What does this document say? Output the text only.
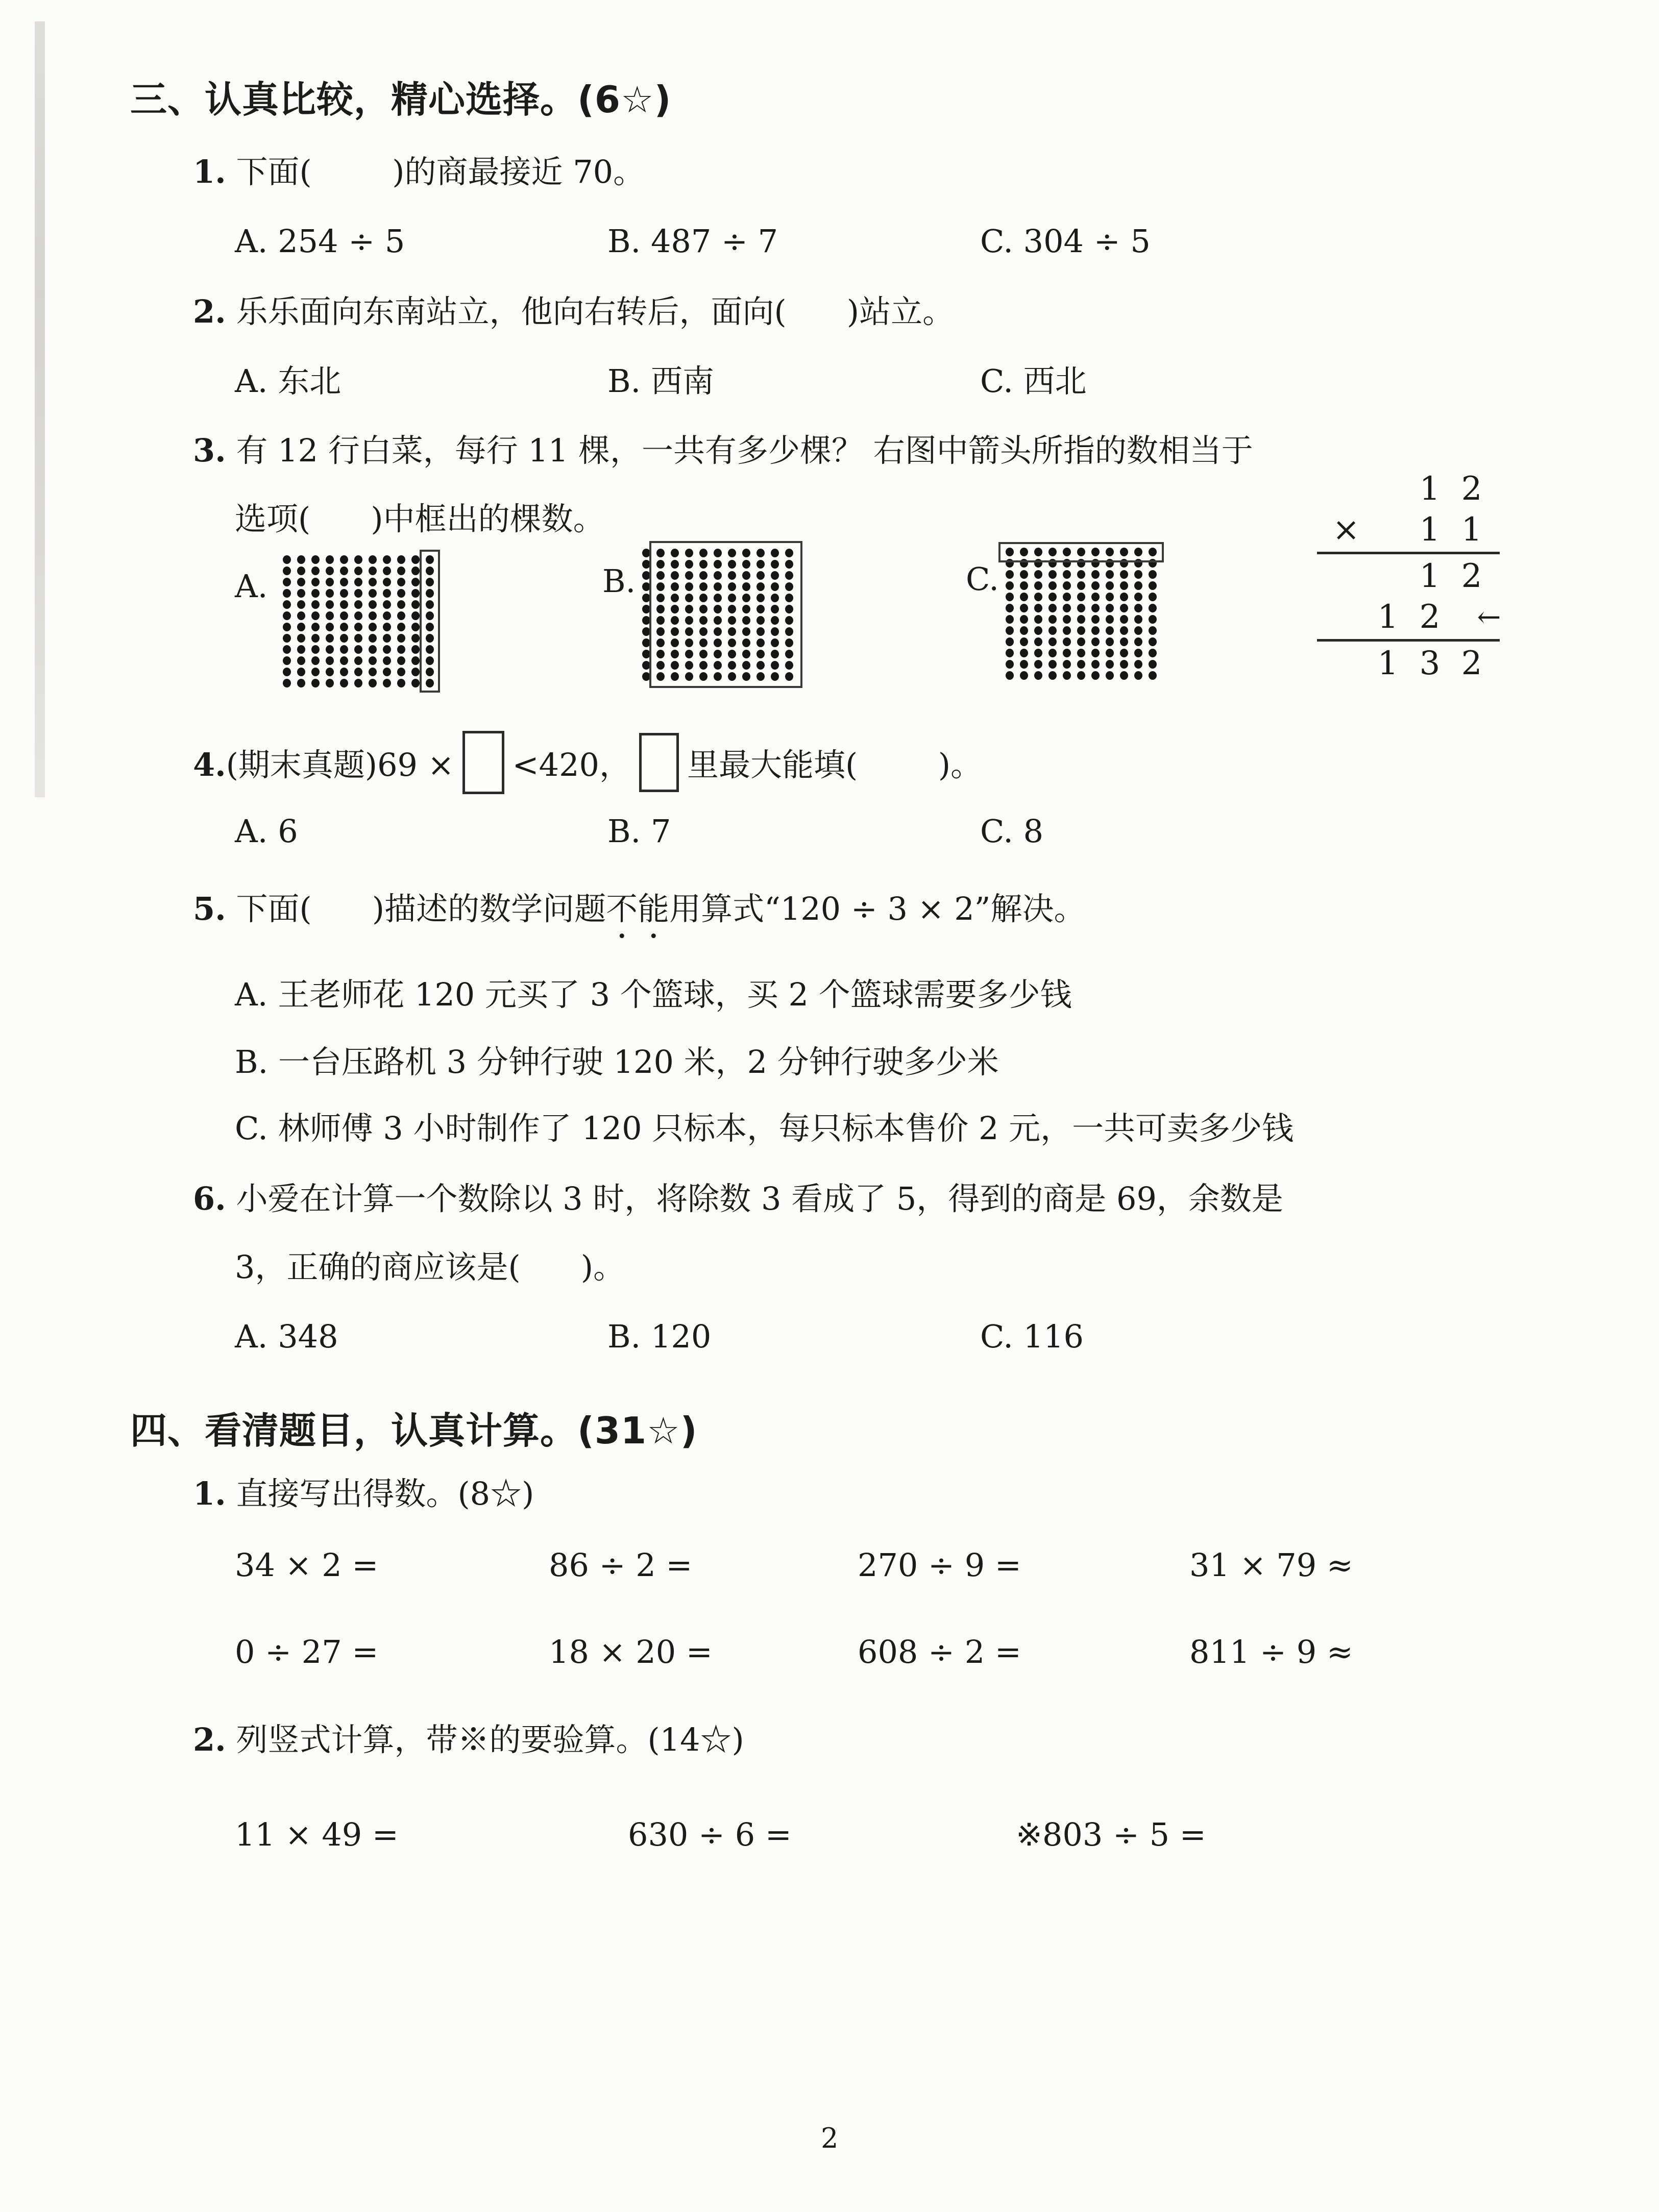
三、认真比较，精心选择。(6☆)
1. 下面(        )的商最接近 70。
A. 254 ÷ 5	B. 487 ÷ 7	C. 304 ÷ 5
2. 乐乐面向东南站立，他向右转后，面向(      )站立。
A. 东北	B. 西南	C. 西北
3. 有 12 行白菜，每行 11 棵，一共有多少棵？ 右图中箭头所指的数相当于
选项(      )中框出的棵数。
A.	B.	C.
1 2
×	1 1
1 2
1 2	←
1 3 2
4.(期末真题)69 × <420， 里最大能填(        )。
A. 6	B. 7	C. 8
5. 下面(      )描述的数学问题不能用算式“120 ÷ 3 × 2”解决。
A. 王老师花 120 元买了 3 个篮球，买 2 个篮球需要多少钱
B. 一台压路机 3 分钟行驶 120 米，2 分钟行驶多少米
C. 林师傅 3 小时制作了 120 只标本，每只标本售价 2 元，一共可卖多少钱
6. 小爱在计算一个数除以 3 时，将除数 3 看成了 5，得到的商是 69，余数是
3，正确的商应该是(      )。
A. 348	B. 120	C. 116
四、看清题目，认真计算。(31☆)
1. 直接写出得数。(8☆)
34 × 2 =	86 ÷ 2 =	270 ÷ 9 =	31 × 79 ≈
0 ÷ 27 =	18 × 20 =	608 ÷ 2 =	811 ÷ 9 ≈
2. 列竖式计算，带※的要验算。(14☆)
11 × 49 =	630 ÷ 6 =	※803 ÷ 5 =
2
